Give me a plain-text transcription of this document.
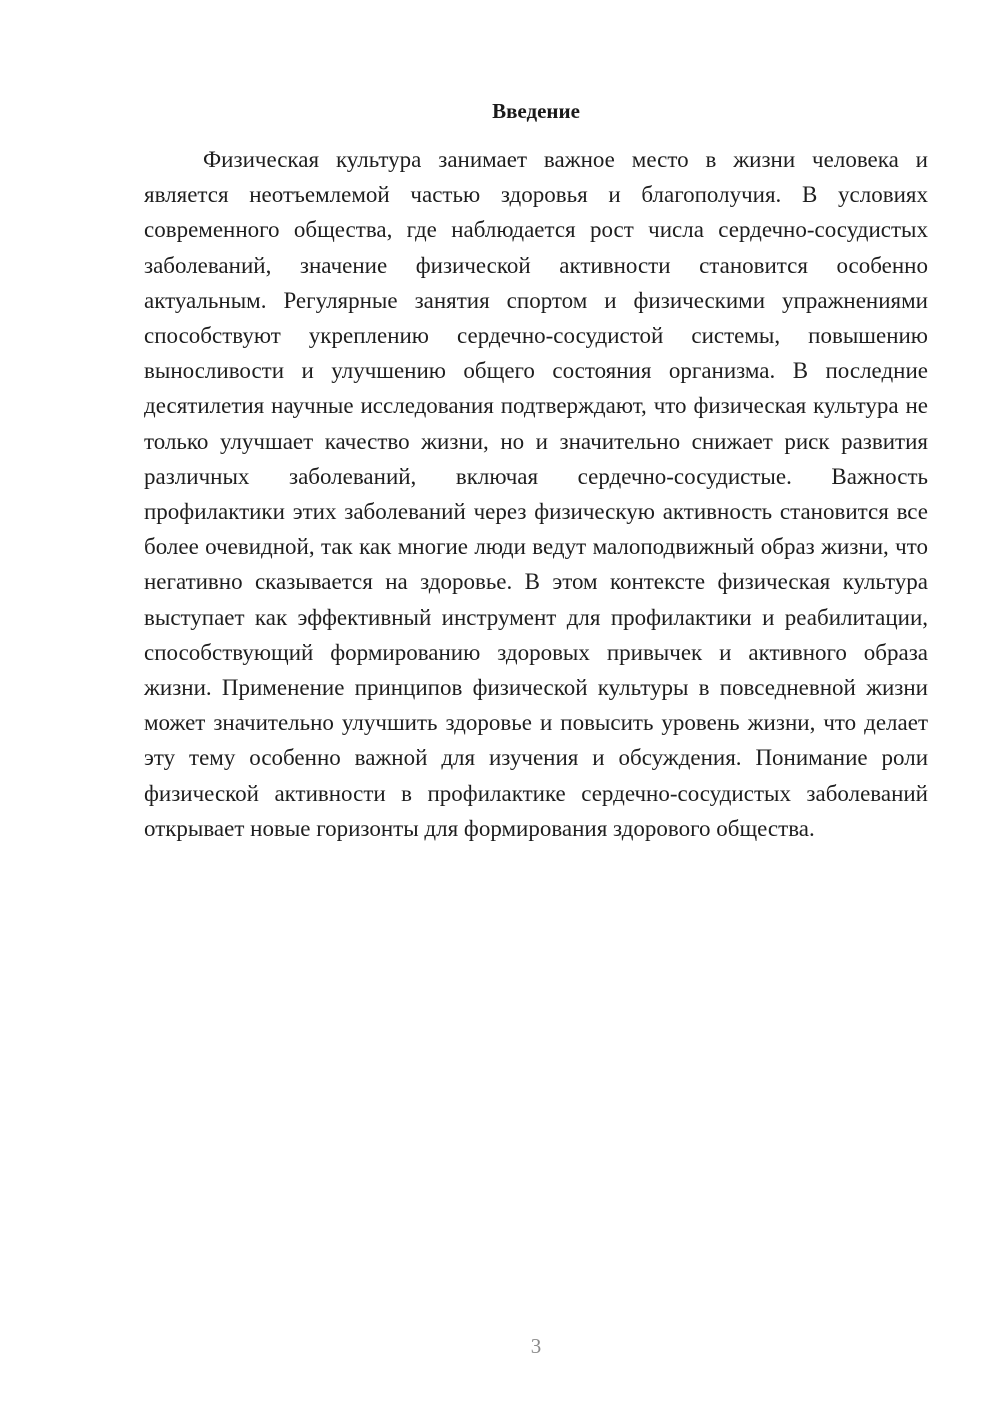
Введение

Физическая культура занимает важное место в жизни человека и является неотъемлемой частью здоровья и благополучия. В условиях современного общества, где наблюдается рост числа сердечно-сосудистых заболеваний, значение физической активности становится особенно актуальным. Регулярные занятия спортом и физическими упражнениями способствуют укреплению сердечно-сосудистой системы, повышению выносливости и улучшению общего состояния организма. В последние десятилетия научные исследования подтверждают, что физическая культура не только улучшает качество жизни, но и значительно снижает риск развития различных заболеваний, включая сердечно-сосудистые. Важность профилактики этих заболеваний через физическую активность становится все более очевидной, так как многие люди ведут малоподвижный образ жизни, что негативно сказывается на здоровье. В этом контексте физическая культура выступает как эффективный инструмент для профилактики и реабилитации, способствующий формированию здоровых привычек и активного образа жизни. Применение принципов физической культуры в повседневной жизни может значительно улучшить здоровье и повысить уровень жизни, что делает эту тему особенно важной для изучения и обсуждения. Понимание роли физической активности в профилактике сердечно-сосудистых заболеваний открывает новые горизонты для формирования здорового общества.

3
